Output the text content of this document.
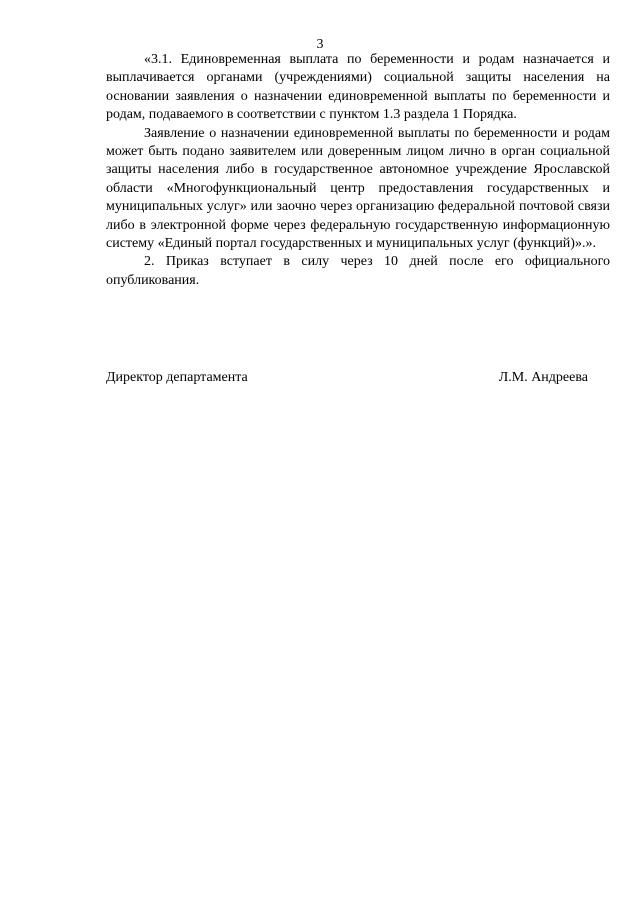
3

«3.1. Единовременная выплата по беременности и родам назначается и выплачивается органами (учреждениями) социальной защиты населения на основании заявления о назначении единовременной выплаты по беременности и родам, подаваемого в соответствии с пунктом 1.3 раздела 1 Порядка.

Заявление о назначении единовременной выплаты по беременности и родам может быть подано заявителем или доверенным лицом лично в орган социальной защиты населения либо в государственное автономное учреждение Ярославской области «Многофункциональный центр предоставления государственных и муниципальных услуг» или заочно через организацию федеральной почтовой связи либо в электронной форме через федеральную государственную информационную систему «Единый портал государственных и муниципальных услуг (функций)».».

2. Приказ вступает в силу через 10 дней после его официального опубликования.

Директор департамента	Л.М. Андреева
